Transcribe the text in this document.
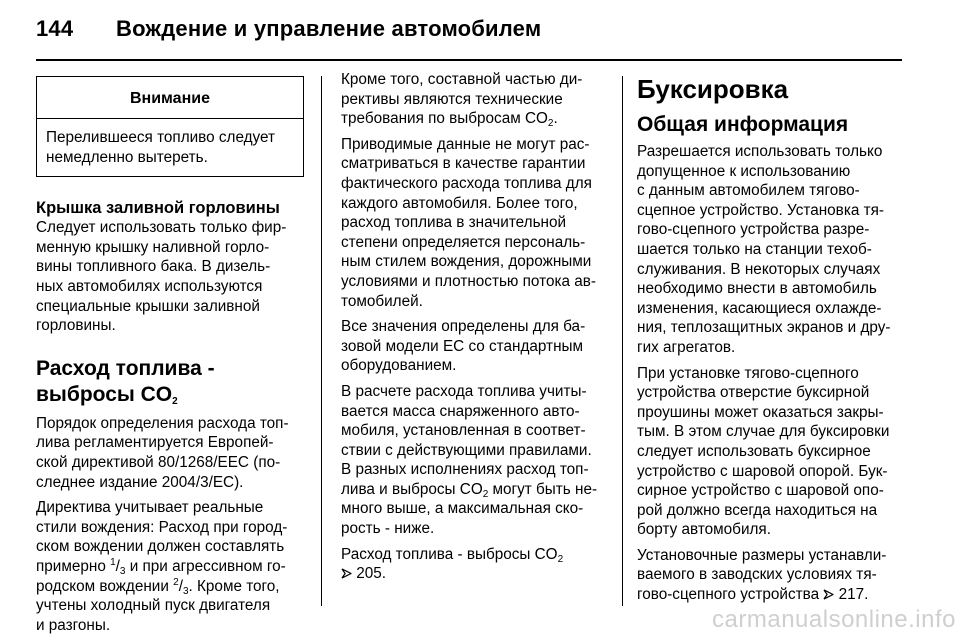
144 Вождение и управление автомобилем
Внимание
Перелившееся топливо следует
немедленно вытереть.
Крышка заливной горловины
Следует использовать только фир-
менную крышку наливной горло-
вины топливного бака. В дизель-
ных автомобилях используются
специальные крышки заливной
горловины.
Расход топлива -
выбросы $CO_2$
Порядок определения расхода топ-
лива регламентируется Европей-
ской директивой 80/1268/EEC (по-
следнее издание 2004/3/EC).
Директива учитывает реальные
стили вождения: Расход при город-
ском вождении должен составлять
примерно $^1/_3$ и при агрессивном го-
родском вождении $^2/_3$. Кроме того,
учтены холодный пуск двигателя
и разгоны.
Кроме того, составной частью ди-
рективы являются технические
требования по выбросам $CO_2$.
Приводимые данные не могут рас-
сматриваться в качестве гарантии
фактического расхода топлива для
каждого автомобиля. Более того,
расход топлива в значительной
степени определяется персональ-
ным стилем вождения, дорожными
условиями и плотностью потока ав-
томобилей.
Все значения определены для ба-
зовой модели ЕС со стандартным
оборудованием.
В расчете расхода топлива учиты-
вается масса снаряженного авто-
мобиля, установленная в соответ-
ствии с действующими правилами.
В разных исполнениях расход топ-
лива и выбросы $CO_2$ могут быть не-
много выше, а максимальная ско-
рость - ниже.
Расход топлива - выбросы $CO_2$
205.
Буксировка
Общая информация
Разрешается использовать только
допущенное к использованию
с данным автомобилем тягово-
сцепное устройство. Установка тя-
гово-сцепного устройства разре-
шается только на станции техоб-
служивания. В некоторых случаях
необходимо внести в автомобиль
изменения, касающиеся охлажде-
ния, теплозащитных экранов и дру-
гих агрегатов.
При установке тягово-сцепного
устройства отверстие буксирной
проушины может оказаться закры-
тым. В этом случае для буксировки
следует использовать буксирное
устройство с шаровой опорой. Бук-
сирное устройство с шаровой опо-
рой должно всегда находиться на
борту автомобиля.
Установочные размеры устанавли-
ваемого в заводских условиях тя-
гово-сцепного устройства  217.
carmanualsonline.info
